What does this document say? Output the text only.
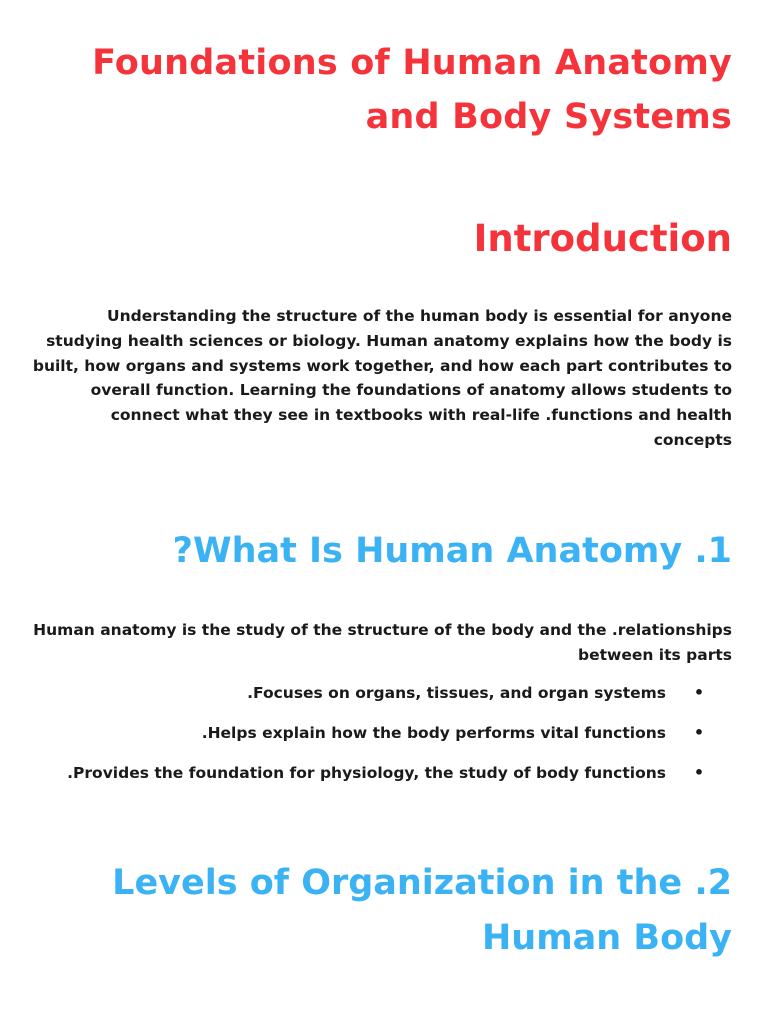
Foundations of Human Anatomy and Body Systems
Introduction

Understanding the structure of the human body is essential for anyone studying health sciences or biology. Human anatomy explains how the body is built, how organs and systems work together, and how each part contributes to overall function. Learning the foundations of anatomy allows students to connect what they see in textbooks with real-life .functions and health concepts

?What Is Human Anatomy .1

Human anatomy is the study of the structure of the body and the .relationships between its parts

.Focuses on organs, tissues, and organ systems	•
.Helps explain how the body performs vital functions	•
.Provides the foundation for physiology, the study of body functions	•
Levels of Organization in the .2 Human Body
